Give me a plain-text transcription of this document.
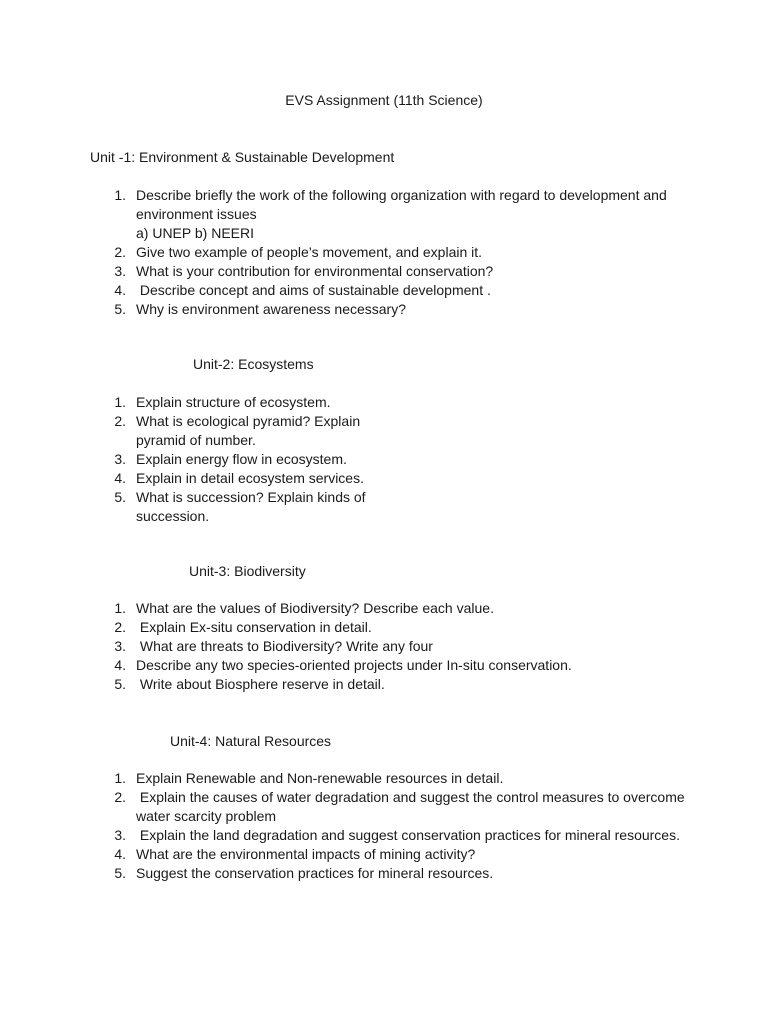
EVS Assignment (11th Science)
Unit -1: Environment & Sustainable Development
1 . Describe briefly the work of the following organization with regard to development and
environment issues
a) UNEP b) NEERI
2 . Give two example of people’s movement, and explain it.
3 . What is your contribution for environmental conservation?
4 . Describe concept and aims of sustainable development .
5 . Why is environment awareness necessary?
Unit-2: Ecosystems
1 . Explain structure of ecosystem.
2 . What is ecological pyramid? Explain
pyramid of number.
3 . Explain energy flow in ecosystem.
4 . Explain in detail ecosystem services.
5 . What is succession? Explain kinds of
succession.
Unit-3: Biodiversity
1 . What are the values of Biodiversity? Describe each value.
2 . Explain Ex-situ conservation in detail.
3 . What are threats to Biodiversity? Write any four
4 . Describe any two species-oriented projects under In-situ conservation.
5 . Write about Biosphere reserve in detail.
Unit-4: Natural Resources
1 . Explain Renewable and Non-renewable resources in detail.
2 . Explain the causes of water degradation and suggest the control measures to overcome
water scarcity problem
3 . Explain the land degradation and suggest conservation practices for mineral resources.
4 . What are the environmental impacts of mining activity?
5 . Suggest the conservation practices for mineral resources.
